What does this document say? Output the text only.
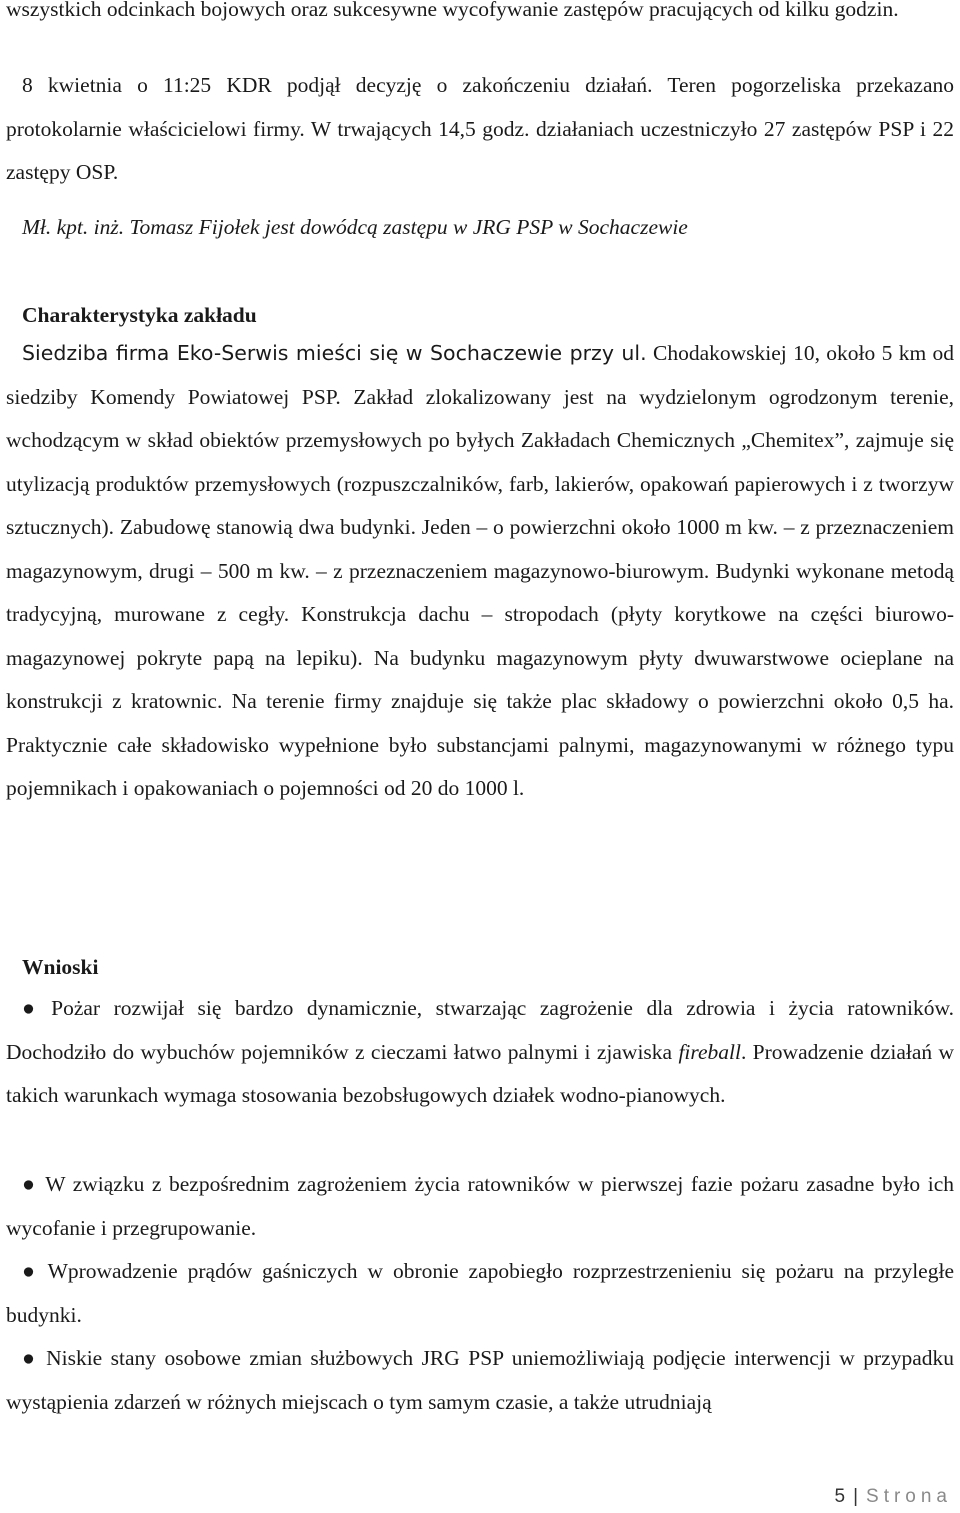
wszystkich odcinkach bojowych oraz sukcesywne wycofywanie zastępów pracujących od kilku godzin.

8 kwietnia o 11:25 KDR podjął decyzję o zakończeniu działań. Teren pogorzeliska przekazano protokolarnie właścicielowi firmy. W trwających 14,5 godz. działaniach uczestniczyło 27 zastępów PSP i 22 zastępy OSP.

Mł. kpt. inż. Tomasz Fijołek jest dowódcą zastępu w JRG PSP w Sochaczewie

Charakterystyka zakładu

Siedziba firma Eko-Serwis mieści się w Sochaczewie przy ul. Chodakowskiej 10, około 5 km od siedziby Komendy Powiatowej PSP. Zakład zlokalizowany jest na wydzielonym ogrodzonym terenie, wchodzącym w skład obiektów przemysłowych po byłych Zakładach Chemicznych „Chemitex”, zajmuje się utylizacją produktów przemysłowych (rozpuszczalników, farb, lakierów, opakowań papierowych i z tworzyw sztucznych). Zabudowę stanowią dwa budynki. Jeden – o powierzchni około 1000 m kw. – z przeznaczeniem magazynowym, drugi – 500 m kw. – z przeznaczeniem magazynowo-biurowym. Budynki wykonane metodą tradycyjną, murowane z cegły. Konstrukcja dachu – stropodach (płyty korytkowe na części biurowo-magazynowej pokryte papą na lepiku). Na budynku magazynowym płyty dwuwarstwowe ocieplane na konstrukcji z kratownic. Na terenie firmy znajduje się także plac składowy o powierzchni około 0,5 ha. Praktycznie całe składowisko wypełnione było substancjami palnymi, magazynowanymi w różnego typu pojemnikach i opakowaniach o pojemności od 20 do 1000 l.

Wnioski

● Pożar rozwijał się bardzo dynamicznie, stwarzając zagrożenie dla zdrowia i życia ratowników. Dochodziło do wybuchów pojemników z cieczami łatwo palnymi i zjawiska fireball. Prowadzenie działań w takich warunkach wymaga stosowania bezobsługowych działek wodno-pianowych.

● W związku z bezpośrednim zagrożeniem życia ratowników w pierwszej fazie pożaru zasadne było ich wycofanie i przegrupowanie.

● Wprowadzenie prądów gaśniczych w obronie zapobiegło rozprzestrzenieniu się pożaru na przyległe budynki.

● Niskie stany osobowe zmian służbowych JRG PSP uniemożliwiają podjęcie interwencji w przypadku wystąpienia zdarzeń w różnych miejscach o tym samym czasie, a także utrudniają

5 | Strona
